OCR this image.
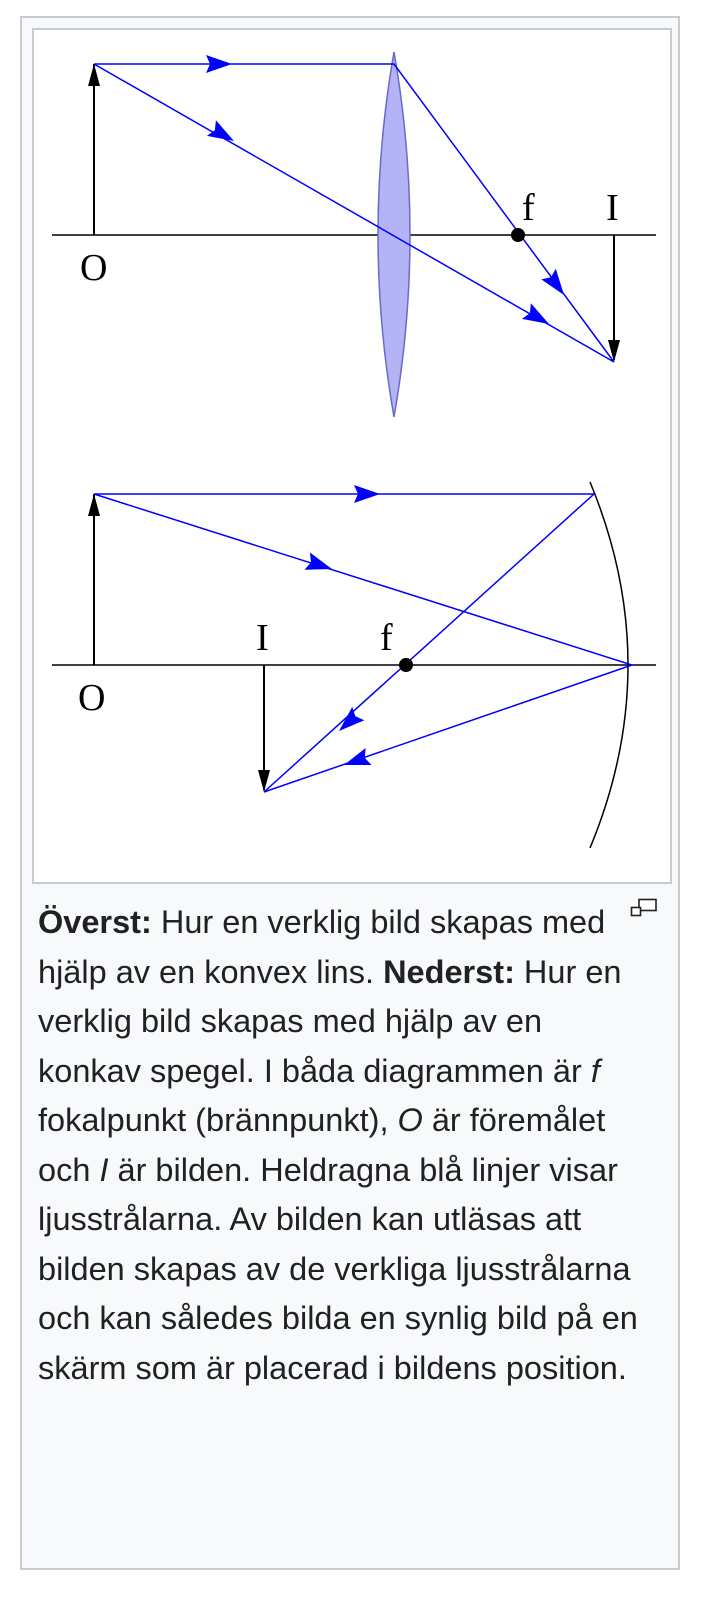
O
f I
O
f
I

Överst: Hur en verklig bild skapas med hjälp av en konvex lins. Nederst: Hur en verklig bild skapas med hjälp av en konkav spegel. I båda diagrammen är f fokalpunkt (brännpunkt), O är föremålet och I är bilden. Heldragna blå linjer visar ljusstrålarna. Av bilden kan utläsas att bilden skapas av de verkliga ljusstrålarna och kan således bilda en synlig bild på en skärm som är placerad i bildens position.
